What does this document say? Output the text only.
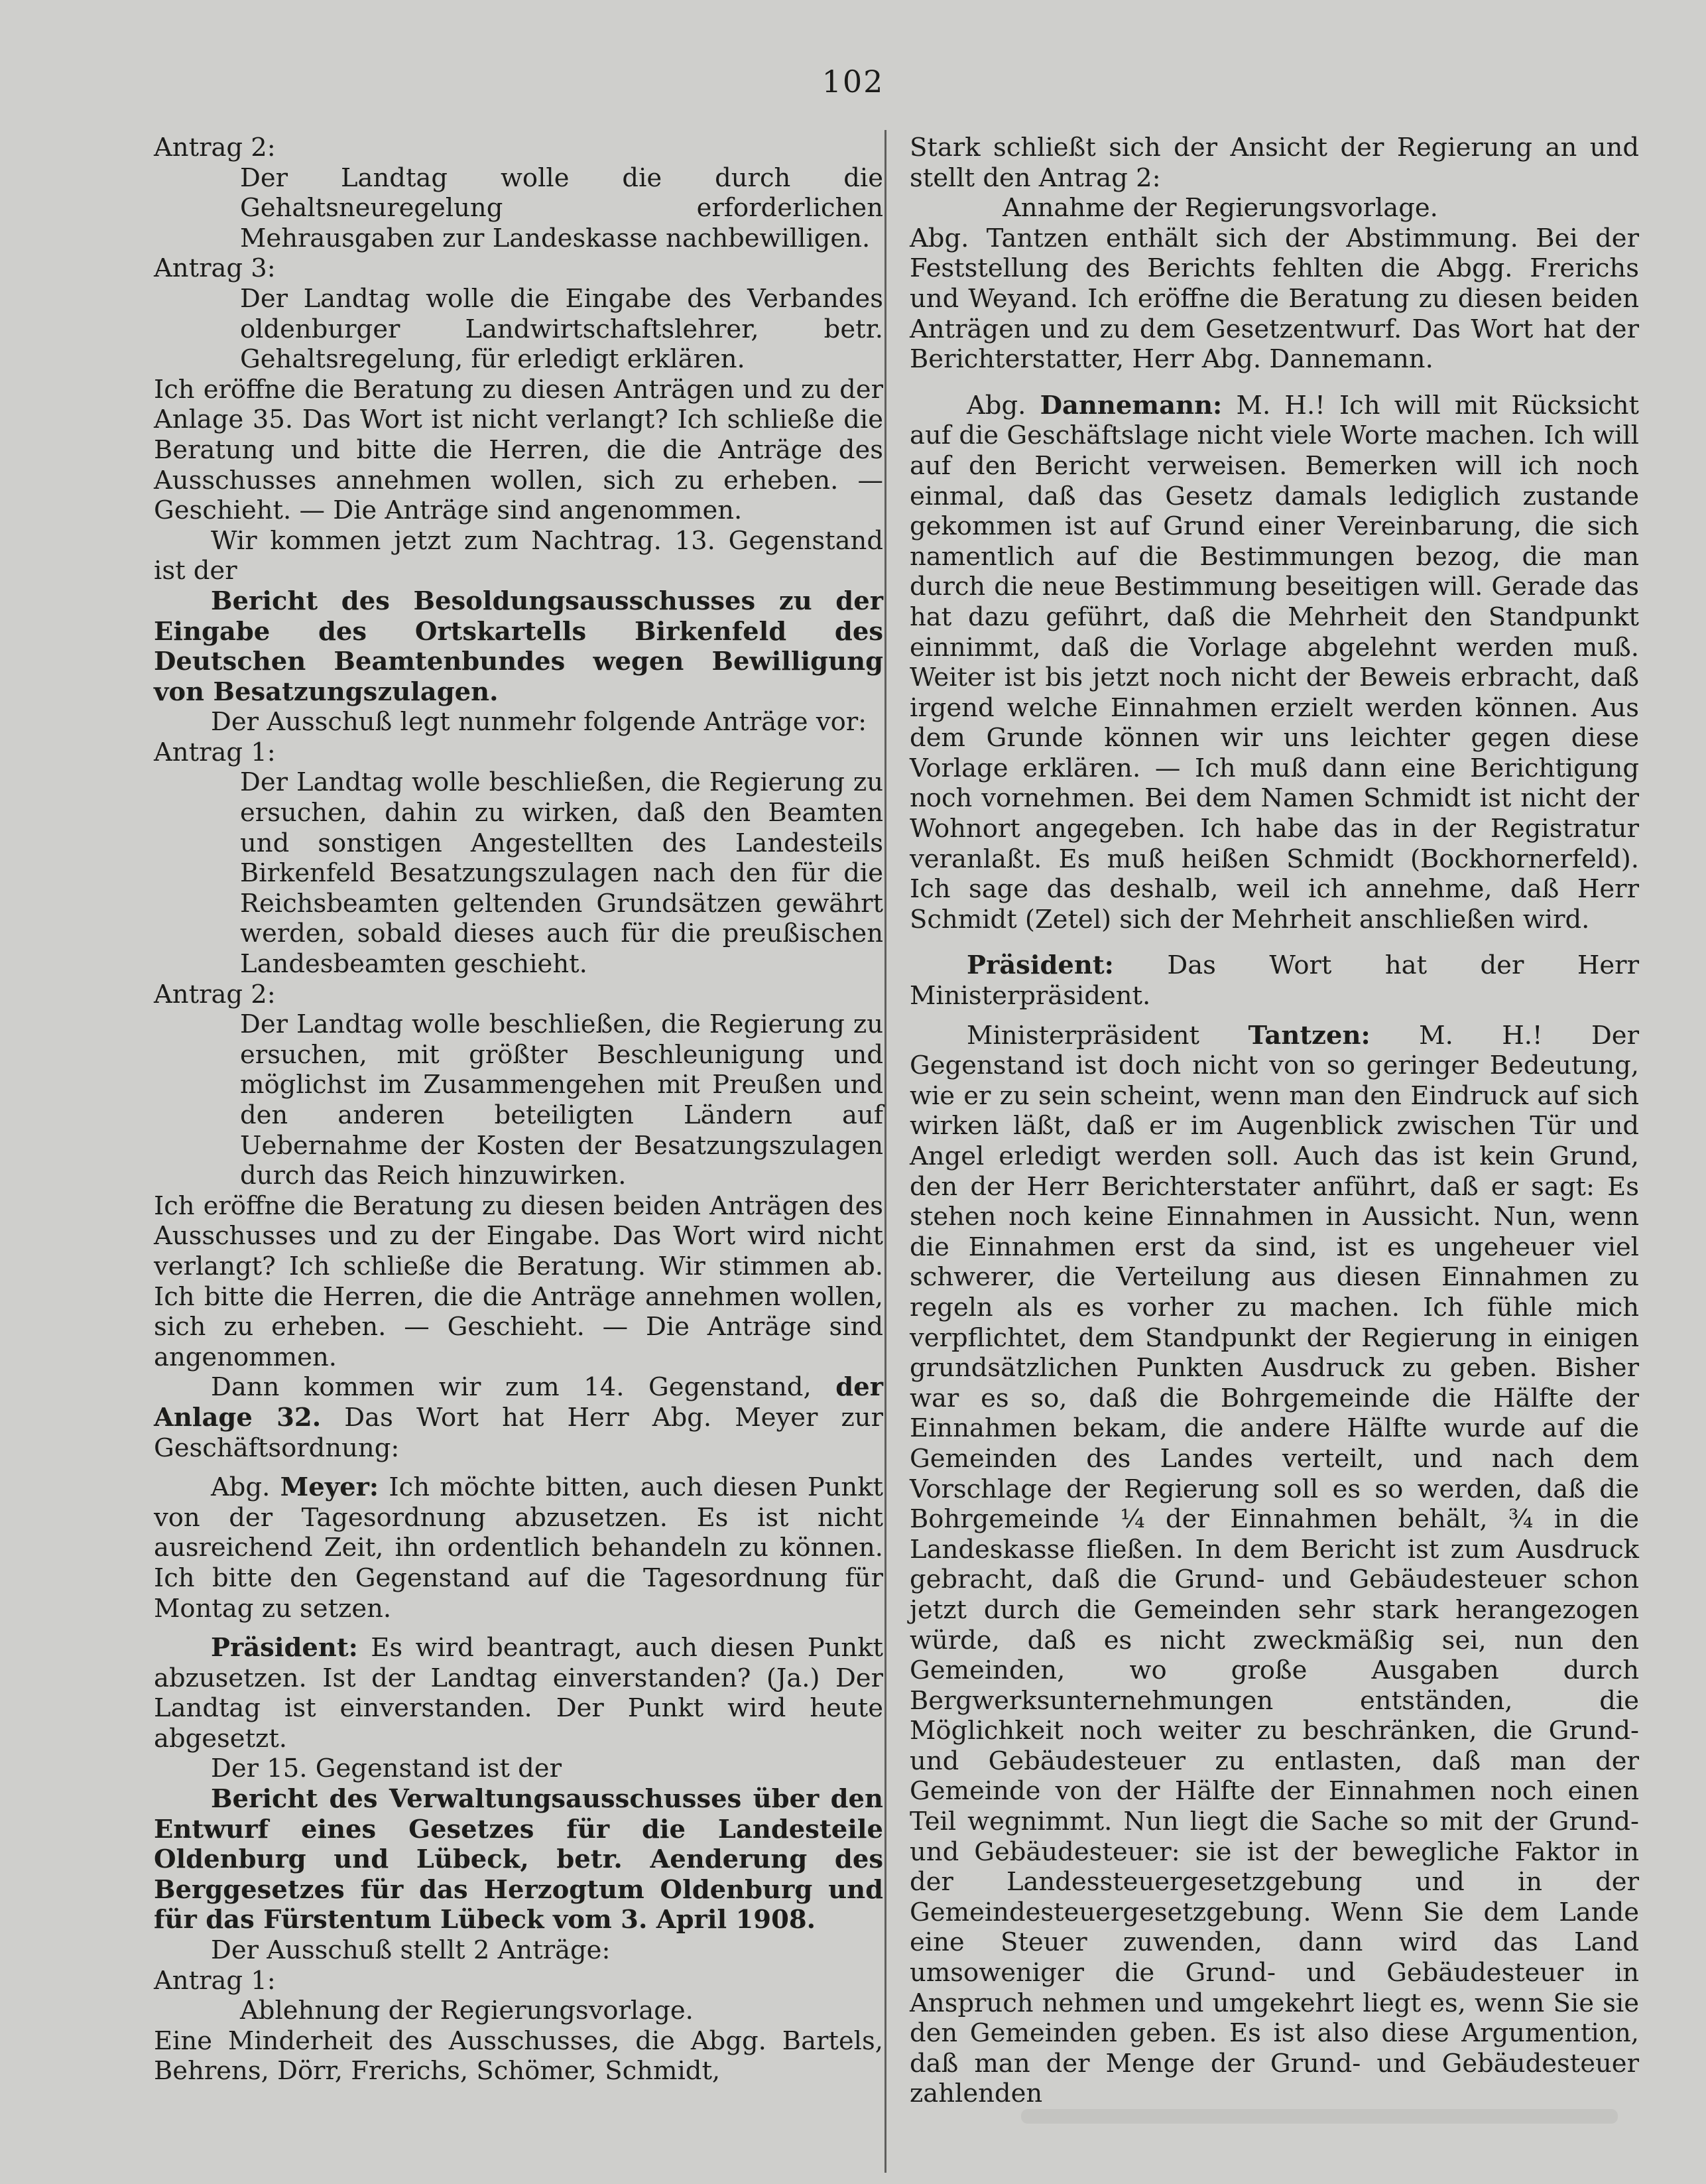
102

Antrag 2:

Der Landtag wolle die durch die Gehaltsneuregelung erforderlichen Mehrausgaben zur Landeskasse nachbewilligen.

Antrag 3:

Der Landtag wolle die Eingabe des Verbandes oldenburger Landwirtschaftslehrer, betr. Gehaltsregelung, für erledigt erklären.

Ich eröffne die Beratung zu diesen Anträgen und zu der Anlage 35. Das Wort ist nicht verlangt? Ich schließe die Beratung und bitte die Herren, die die Anträge des Ausschusses annehmen wollen, sich zu erheben. — Geschieht. — Die Anträge sind angenommen.

Wir kommen jetzt zum Nachtrag. 13. Gegenstand ist der

Bericht des Besoldungsausschusses zu der Eingabe des Ortskartells Birkenfeld des Deutschen Beamtenbundes wegen Bewilligung von Besatzungszulagen.

Der Ausschuß legt nunmehr folgende Anträge vor:

Antrag 1:

Der Landtag wolle beschließen, die Regierung zu ersuchen, dahin zu wirken, daß den Beamten und sonstigen Angestellten des Landesteils Birkenfeld Besatzungszulagen nach den für die Reichsbeamten geltenden Grundsätzen gewährt werden, sobald dieses auch für die preußischen Landesbeamten geschieht.

Antrag 2:

Der Landtag wolle beschließen, die Regierung zu ersuchen, mit größter Beschleunigung und möglichst im Zusammengehen mit Preußen und den anderen beteiligten Ländern auf Uebernahme der Kosten der Besatzungszulagen durch das Reich hinzuwirken.

Ich eröffne die Beratung zu diesen beiden Anträgen des Ausschusses und zu der Eingabe. Das Wort wird nicht verlangt? Ich schließe die Beratung. Wir stimmen ab. Ich bitte die Herren, die die Anträge annehmen wollen, sich zu erheben. — Geschieht. — Die Anträge sind angenommen.

Dann kommen wir zum 14. Gegenstand, der Anlage 32. Das Wort hat Herr Abg. Meyer zur Geschäftsordnung:

Abg. Meyer: Ich möchte bitten, auch diesen Punkt von der Tagesordnung abzusetzen. Es ist nicht ausreichend Zeit, ihn ordentlich behandeln zu können. Ich bitte den Gegenstand auf die Tagesordnung für Montag zu setzen.

Präsident: Es wird beantragt, auch diesen Punkt abzusetzen. Ist der Landtag einverstanden? (Ja.) Der Landtag ist einverstanden. Der Punkt wird heute abgesetzt.

Der 15. Gegenstand ist der

Bericht des Verwaltungsausschusses über den Entwurf eines Gesetzes für die Landesteile Oldenburg und Lübeck, betr. Aenderung des Berggesetzes für das Herzogtum Oldenburg und für das Fürstentum Lübeck vom 3. April 1908.

Der Ausschuß stellt 2 Anträge:

Antrag 1:

Ablehnung der Regierungsvorlage.

Eine Minderheit des Ausschusses, die Abgg. Bartels, Behrens, Dörr, Frerichs, Schömer, Schmidt,

Stark schließt sich der Ansicht der Regierung an und stellt den Antrag 2:

Annahme der Regierungsvorlage.

Abg. Tantzen enthält sich der Abstimmung. Bei der Feststellung des Berichts fehlten die Abgg. Frerichs und Weyand. Ich eröffne die Beratung zu diesen beiden Anträgen und zu dem Gesetzentwurf. Das Wort hat der Berichterstatter, Herr Abg. Dannemann.

Abg. Dannemann: M. H.! Ich will mit Rücksicht auf die Geschäftslage nicht viele Worte machen. Ich will auf den Bericht verweisen. Bemerken will ich noch einmal, daß das Gesetz damals lediglich zustande gekommen ist auf Grund einer Vereinbarung, die sich namentlich auf die Bestimmungen bezog, die man durch die neue Bestimmung beseitigen will. Gerade das hat dazu geführt, daß die Mehrheit den Standpunkt einnimmt, daß die Vorlage abgelehnt werden muß. Weiter ist bis jetzt noch nicht der Beweis erbracht, daß irgend welche Einnahmen erzielt werden können. Aus dem Grunde können wir uns leichter gegen diese Vorlage erklären. — Ich muß dann eine Berichtigung noch vornehmen. Bei dem Namen Schmidt ist nicht der Wohnort angegeben. Ich habe das in der Registratur veranlaßt. Es muß heißen Schmidt (Bockhornerfeld). Ich sage das deshalb, weil ich annehme, daß Herr Schmidt (Zetel) sich der Mehrheit anschließen wird.

Präsident: Das Wort hat der Herr Ministerpräsident.

Ministerpräsident Tantzen: M. H.! Der Gegenstand ist doch nicht von so geringer Bedeutung, wie er zu sein scheint, wenn man den Eindruck auf sich wirken läßt, daß er im Augenblick zwischen Tür und Angel erledigt werden soll. Auch das ist kein Grund, den der Herr Berichterstater anführt, daß er sagt: Es stehen noch keine Einnahmen in Aussicht. Nun, wenn die Einnahmen erst da sind, ist es ungeheuer viel schwerer, die Verteilung aus diesen Einnahmen zu regeln als es vorher zu machen. Ich fühle mich verpflichtet, dem Standpunkt der Regierung in einigen grundsätzlichen Punkten Ausdruck zu geben. Bisher war es so, daß die Bohrgemeinde die Hälfte der Einnahmen bekam, die andere Hälfte wurde auf die Gemeinden des Landes verteilt, und nach dem Vorschlage der Regierung soll es so werden, daß die Bohrgemeinde ¼ der Einnahmen behält, ¾ in die Landeskasse fließen. In dem Bericht ist zum Ausdruck gebracht, daß die Grund- und Gebäudesteuer schon jetzt durch die Gemeinden sehr stark herangezogen würde, daß es nicht zweckmäßig sei, nun den Gemeinden, wo große Ausgaben durch Bergwerksunternehmungen entständen, die Möglichkeit noch weiter zu beschränken, die Grund- und Gebäudesteuer zu entlasten, daß man der Gemeinde von der Hälfte der Einnahmen noch einen Teil wegnimmt. Nun liegt die Sache so mit der Grund- und Gebäudesteuer: sie ist der bewegliche Faktor in der Landessteuergesetzgebung und in der Gemeindesteuergesetzgebung. Wenn Sie dem Lande eine Steuer zuwenden, dann wird das Land umsoweniger die Grund- und Gebäudesteuer in Anspruch nehmen und umgekehrt liegt es, wenn Sie sie den Gemeinden geben. Es ist also diese Argumention, daß man der Menge der Grund- und Gebäudesteuer zahlenden
